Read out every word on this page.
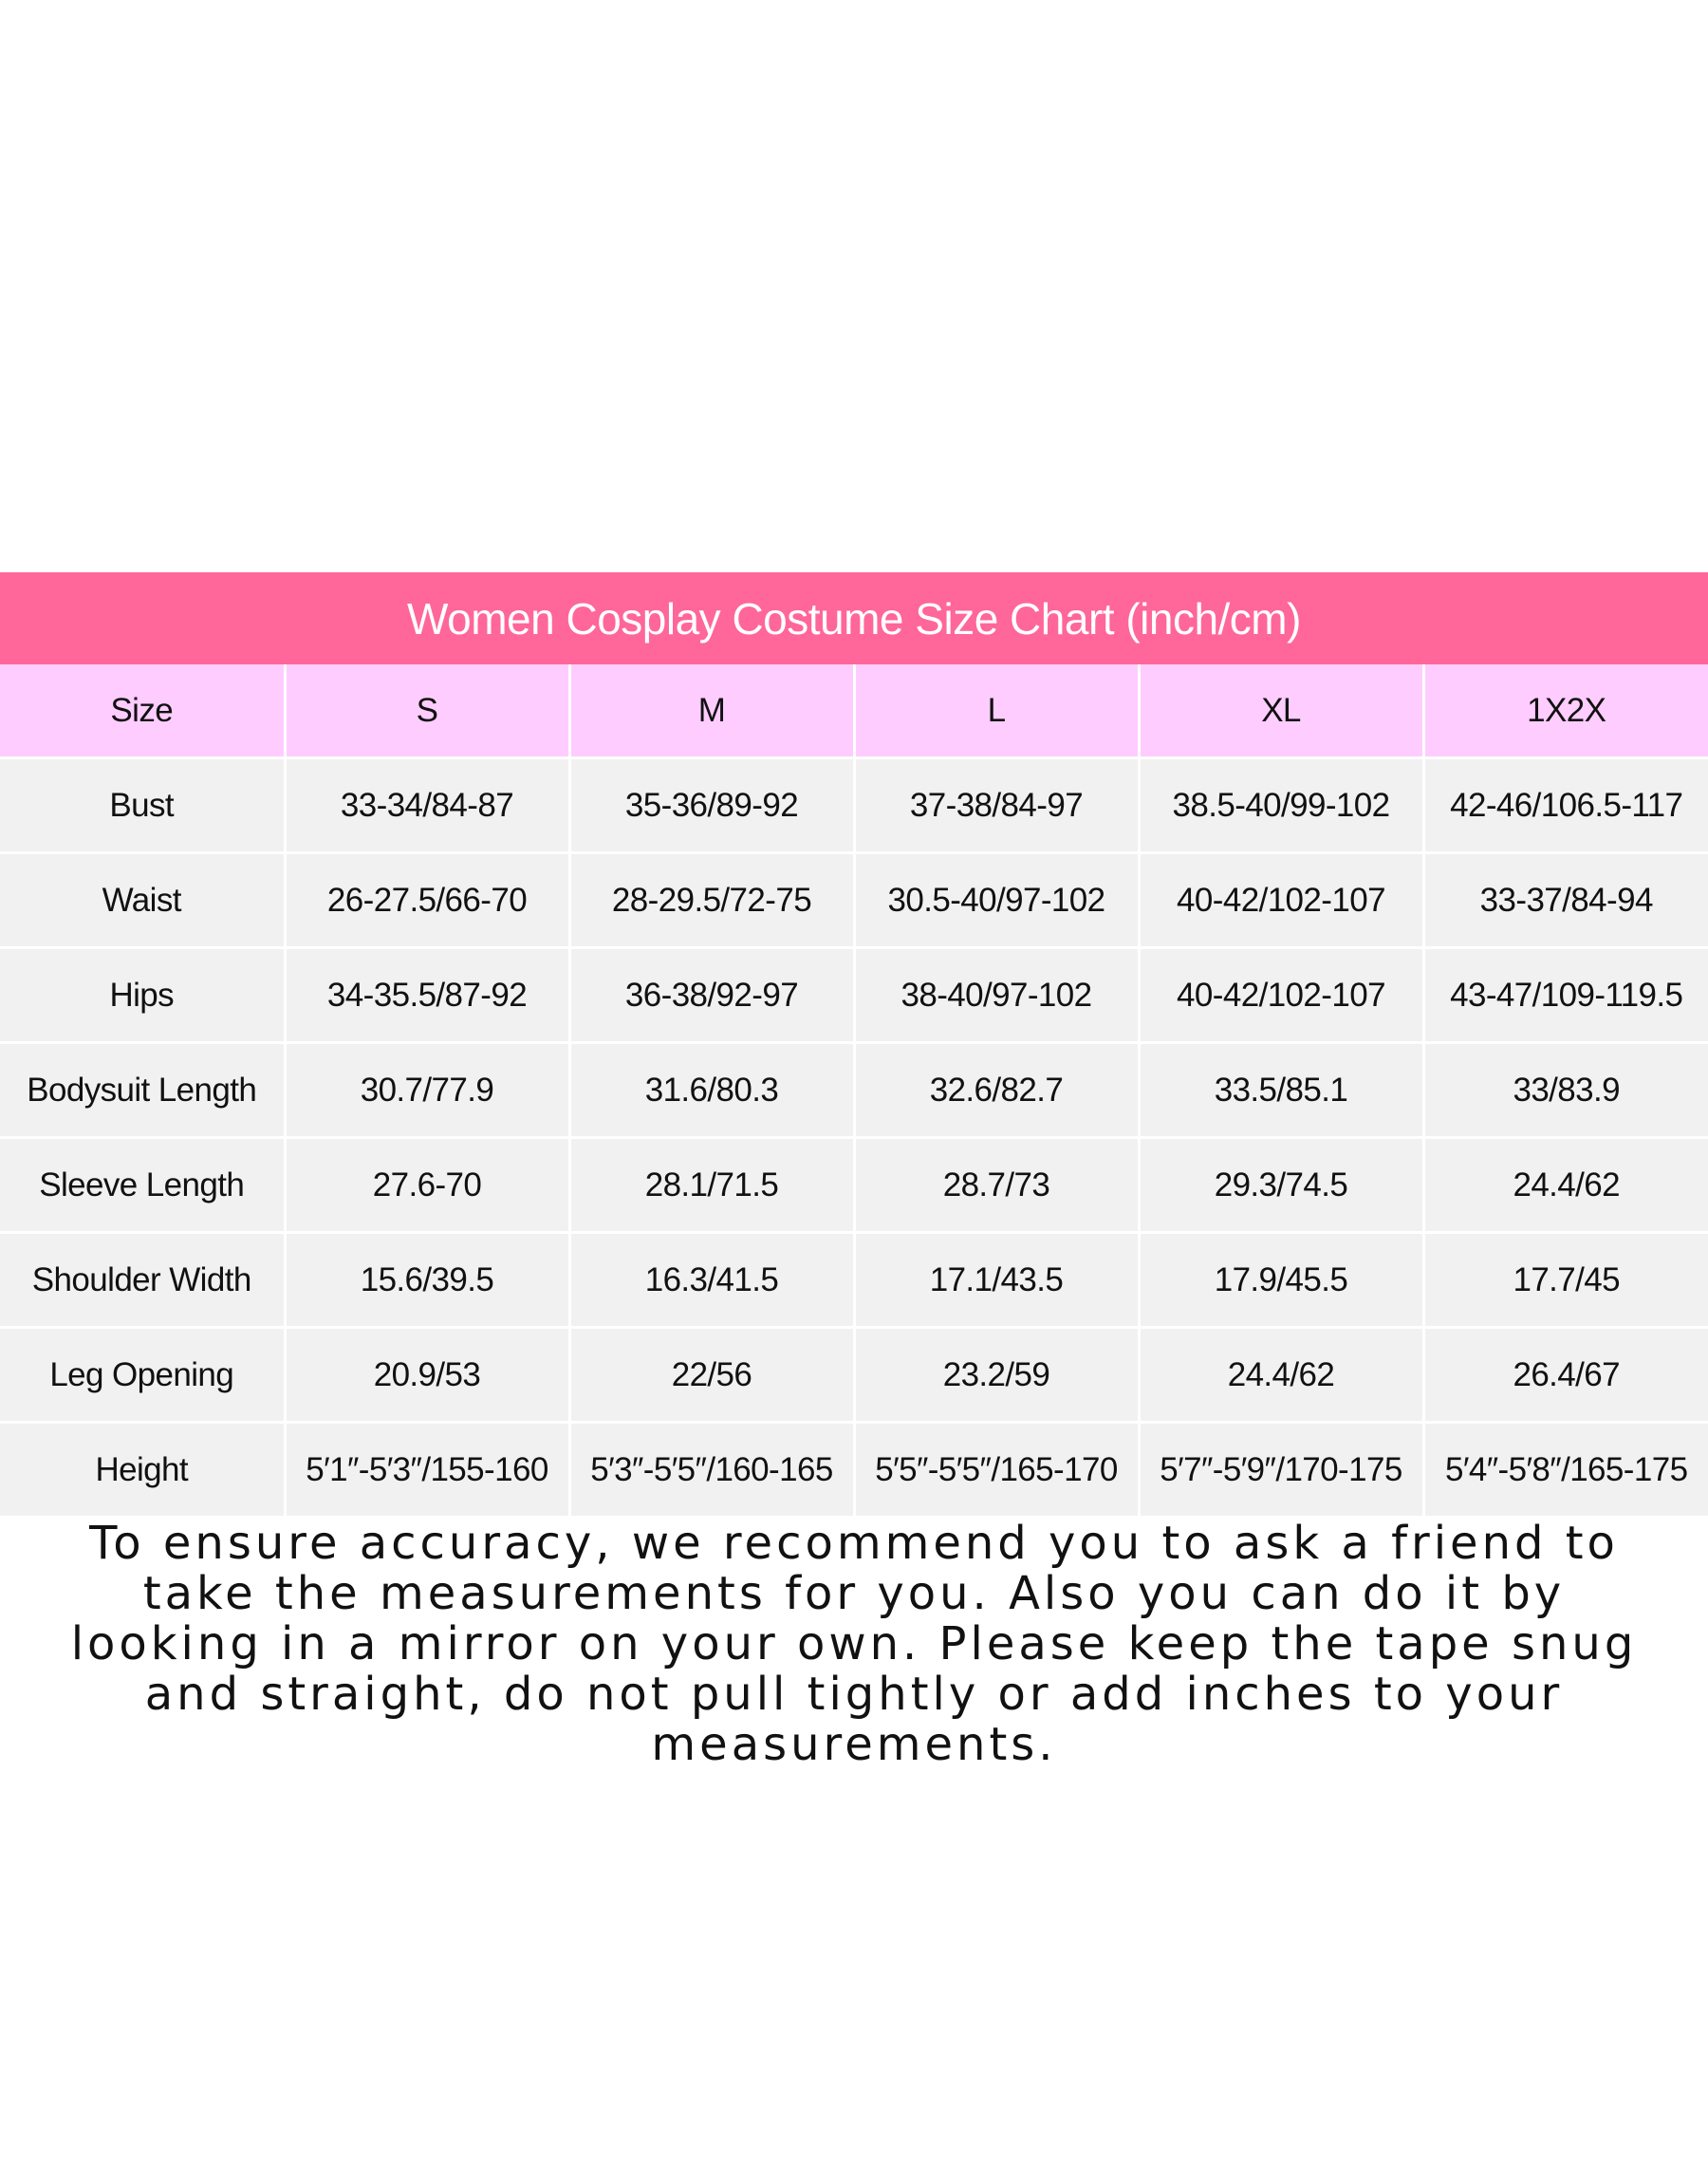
Women Cosplay Costume Size Chart (inch/cm)
Size	S	M	L	XL	1X2X
Bust	33-34/84-87	35-36/89-92	37-38/84-97	38.5-40/99-102	42-46/106.5-117
Waist	26-27.5/66-70	28-29.5/72-75	30.5-40/97-102	40-42/102-107	33-37/84-94
Hips	34-35.5/87-92	36-38/92-97	38-40/97-102	40-42/102-107	43-47/109-119.5
Bodysuit Length	30.7/77.9	31.6/80.3	32.6/82.7	33.5/85.1	33/83.9
Sleeve Length	27.6-70	28.1/71.5	28.7/73	29.3/74.5	24.4/62
Shoulder Width	15.6/39.5	16.3/41.5	17.1/43.5	17.9/45.5	17.7/45
Leg Opening	20.9/53	22/56	23.2/59	24.4/62	26.4/67
Height	5′1″-5′3″/155-160	5′3″-5′5″/160-165	5′5″-5′5″/165-170	5′7″-5′9″/170-175	5′4″-5′8″/165-175
To ensure accuracy, we recommend you to ask a friend to take the measurements for you. Also you can do it by looking in a mirror on your own. Please keep the tape snug and straight, do not pull tightly or add inches to your measurements.
